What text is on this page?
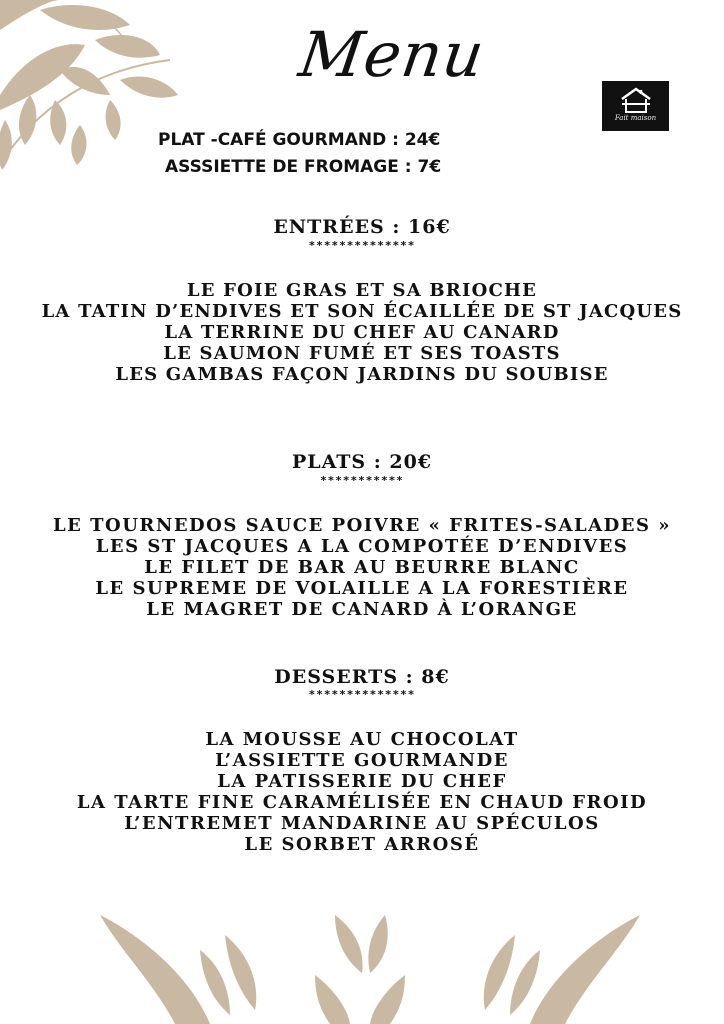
Menu
Fait maison
PLAT -CAFÉ GOURMAND : 24€
ASSSIETTE DE FROMAGE : 7€
ENTRÉES : 16€
**************
LE FOIE GRAS ET SA BRIOCHE
LA TATIN D’ENDIVES ET SON ÉCAILLÉE DE ST JACQUES
LA TERRINE DU CHEF AU CANARD
LE SAUMON FUMÉ ET SES TOASTS
LES GAMBAS FAÇON JARDINS DU SOUBISE
PLATS : 20€
***********
LE TOURNEDOS SAUCE POIVRE « FRITES-SALADES »
LES ST JACQUES A LA COMPOTÉE D’ENDIVES
LE FILET DE BAR AU BEURRE BLANC
LE SUPREME DE VOLAILLE A LA FORESTIÈRE
LE MAGRET DE CANARD À L’ORANGE
DESSERTS : 8€
**************
LA MOUSSE AU CHOCOLAT
L’ASSIETTE GOURMANDE
LA PATISSERIE DU CHEF
LA TARTE FINE CARAMÉLISÉE EN CHAUD FROID
L’ENTREMET MANDARINE AU SPÉCULOS
LE SORBET ARROSÉ
